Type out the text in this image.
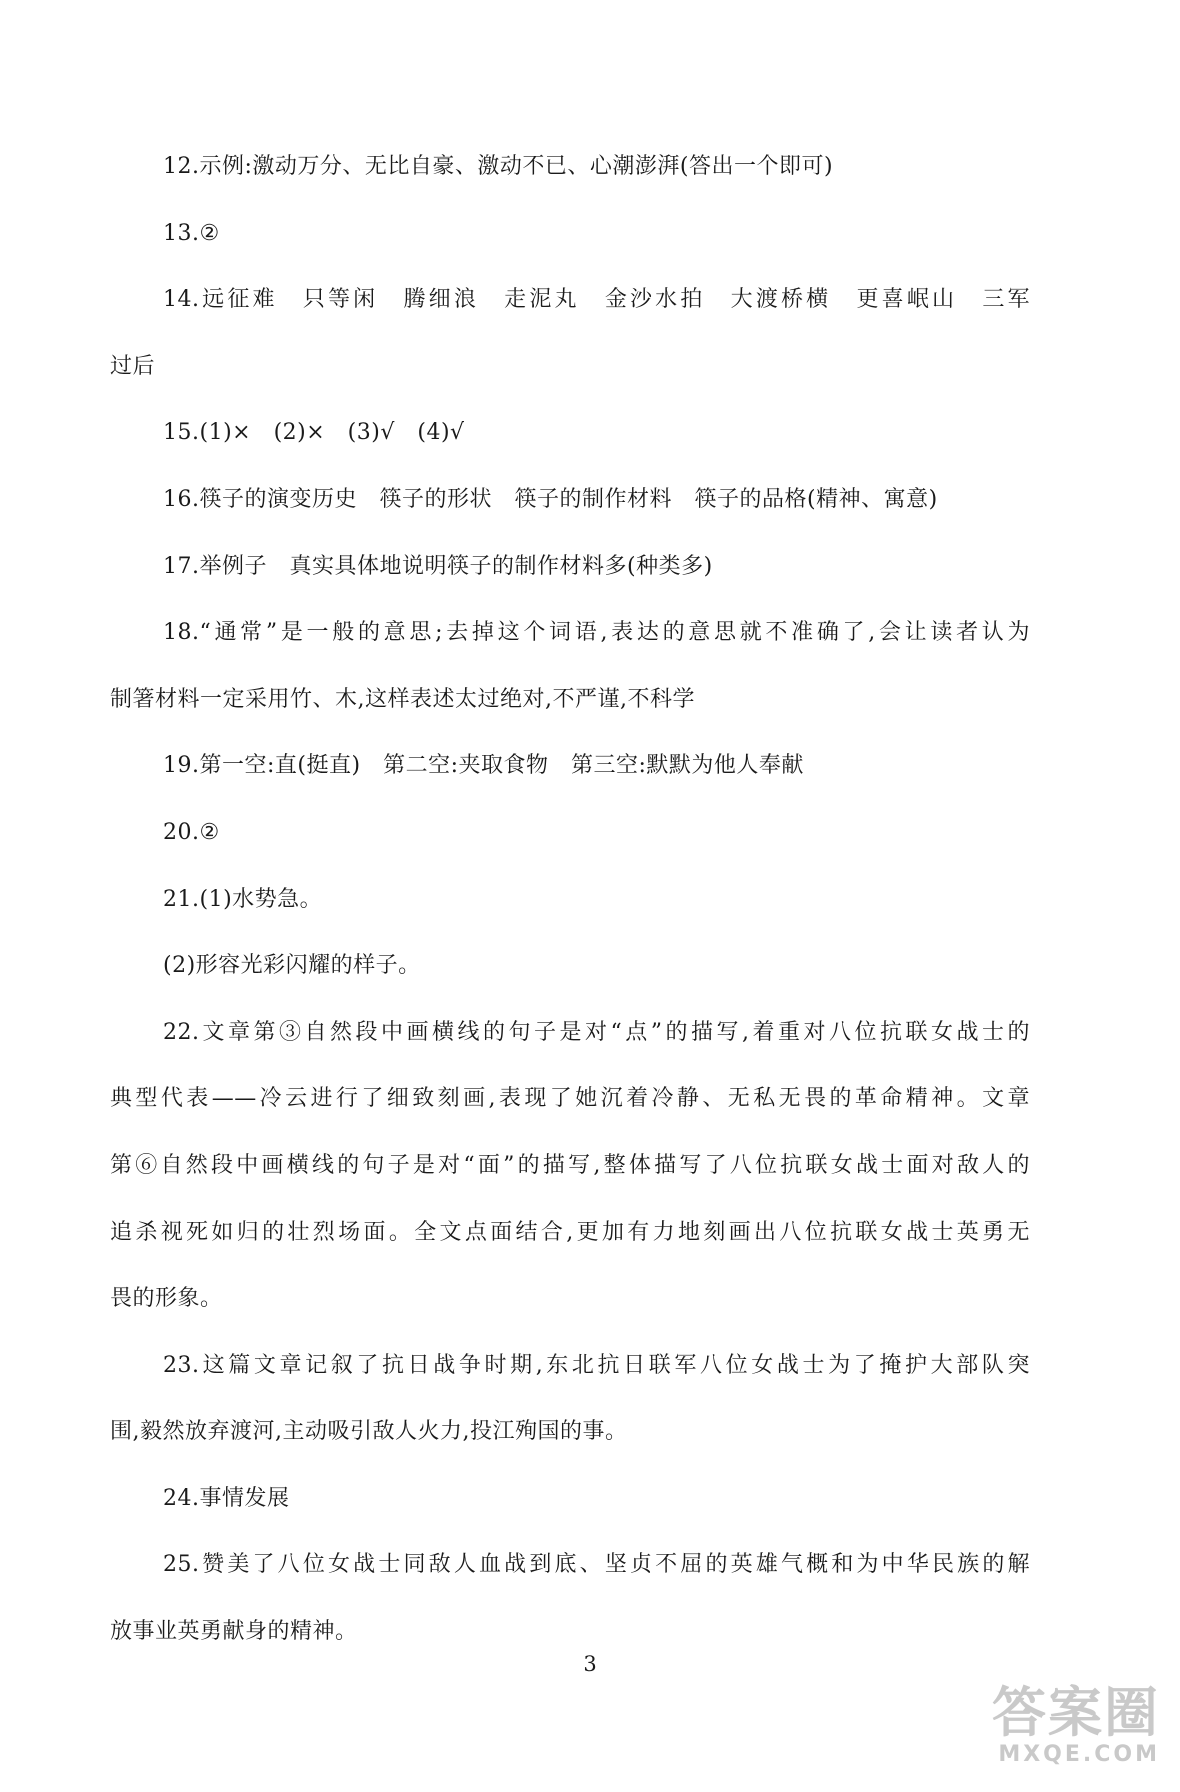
12.示例:激动万分、无比自豪、激动不已、心潮澎湃(答出一个即可)
13.②
14.远征难　只等闲　腾细浪　走泥丸　金沙水拍　大渡桥横　更喜岷山　三军
过后
15.(1)×　(2)×　(3)√　(4)√
16.筷子的演变历史　筷子的形状　筷子的制作材料　筷子的品格(精神、寓意)
17.举例子　真实具体地说明筷子的制作材料多(种类多)
18.“通常”是一般的意思;去掉这个词语,表达的意思就不准确了,会让读者认为
制箸材料一定采用竹、木,这样表述太过绝对,不严谨,不科学
19.第一空:直(挺直)　第二空:夹取食物　第三空:默默为他人奉献
20.②
21.(1)水势急。
(2)形容光彩闪耀的样子。
22.文章第③自然段中画横线的句子是对“点”的描写,着重对八位抗联女战士的
典型代表——冷云进行了细致刻画,表现了她沉着冷静、无私无畏的革命精神。文章
第⑥自然段中画横线的句子是对“面”的描写,整体描写了八位抗联女战士面对敌人的
追杀视死如归的壮烈场面。全文点面结合,更加有力地刻画出八位抗联女战士英勇无
畏的形象。
23.这篇文章记叙了抗日战争时期,东北抗日联军八位女战士为了掩护大部队突
围,毅然放弃渡河,主动吸引敌人火力,投江殉国的事。
24.事情发展
25.赞美了八位女战士同敌人血战到底、坚贞不屈的英雄气概和为中华民族的解
放事业英勇献身的精神。
3
答案圈
MXQE.COM
